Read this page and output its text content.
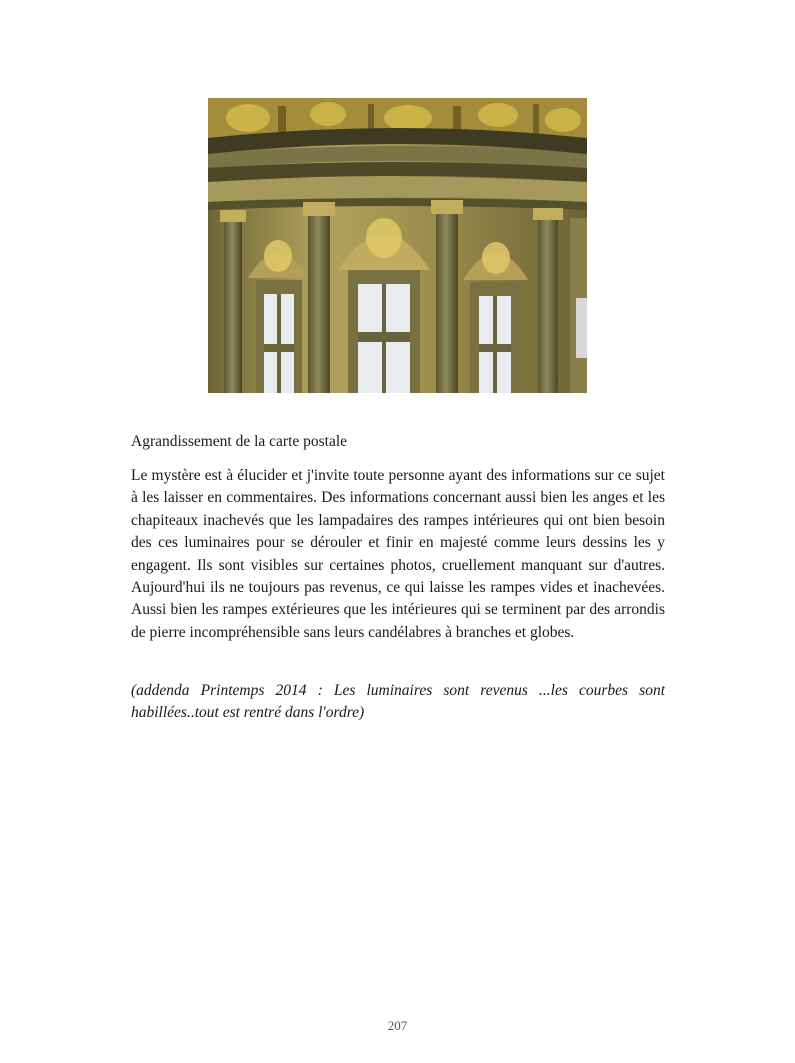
Agrandissement de la carte postale

Le mystère est à élucider et j'invite toute personne ayant des informations sur ce sujet à les laisser en commentaires. Des informations concernant aussi bien les anges et les chapiteaux inachevés que les lampadaires des rampes intérieures qui ont bien besoin des ces luminaires pour se dérouler et finir en majesté comme leurs dessins les y engagent. Ils sont visibles sur certaines photos, cruellement manquant sur d'autres. Aujourd'hui ils ne toujours pas revenus, ce qui laisse les rampes vides et inachevées. Aussi bien les rampes extérieures que les intérieures qui se terminent par des arrondis de pierre incompréhensible sans leurs candélabres à branches et globes.

(addenda Printemps 2014 : Les luminaires sont revenus ...les courbes sont habillées..tout est rentré dans l'ordre)

207
